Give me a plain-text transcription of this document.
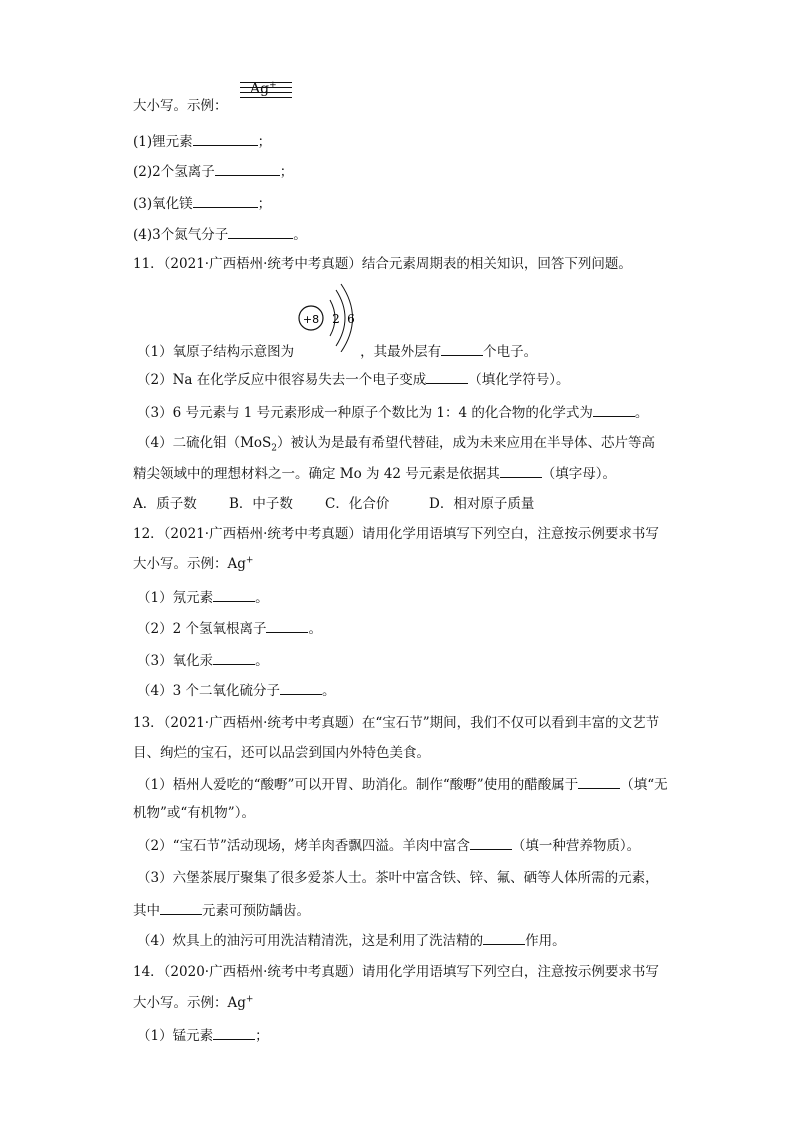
Ag+
大小写。示例：
(1)锂元素	；
(2)2个氢离子	；
(3)氧化镁	；
(4)3个氮气分子	。
11．（2021·广西梧州·统考中考真题）结合元素周期表的相关知识，回答下列问题。
+8 2 6
（1）氧原子结构示意图为	，其最外层有	个电子。
（2）Na 在化学反应中很容易失去一个电子变成	（填化学符号）。
（3）6 号元素与 1 号元素形成一种原子个数比为 1：4 的化合物的化学式为	。
（4）二硫化钼（MoS$_2$）被认为是最有希望代替硅，成为未来应用在半导体、芯片等高
精尖领域中的理想材料之一。确定 Mo 为 42 号元素是依据其	（填字母）。
A．质子数 B．中子数 C．化合价	D．相对原子质量
12．（2021·广西梧州·统考中考真题）请用化学用语填写下列空白，注意按示例要求书写
大小写。示例：Ag+
（1）氖元素	。
（2）2 个氢氧根离子	。
（3）氧化汞	。
（4）3 个二氧化硫分子	。
13．（2021·广西梧州·统考中考真题）在“宝石节”期间，我们不仅可以看到丰富的文艺节
目、绚烂的宝石，还可以品尝到国内外特色美食。
（1）梧州人爱吃的“酸嘢”可以开胃、助消化。制作“酸嘢”使用的醋酸属于	（填“无
机物”或“有机物”）。
（2）“宝石节”活动现场，烤羊肉香飘四溢。羊肉中富含	（填一种营养物质）。
（3）六堡茶展厅聚集了很多爱茶人士。茶叶中富含铁、锌、氟、硒等人体所需的元素，
其中	元素可预防龋齿。
（4）炊具上的油污可用洗洁精清洗，这是利用了洗洁精的	作用。
14．（2020·广西梧州·统考中考真题）请用化学用语填写下列空白，注意按示例要求书写
大小写。示例：Ag+
（1）锰元素	；
